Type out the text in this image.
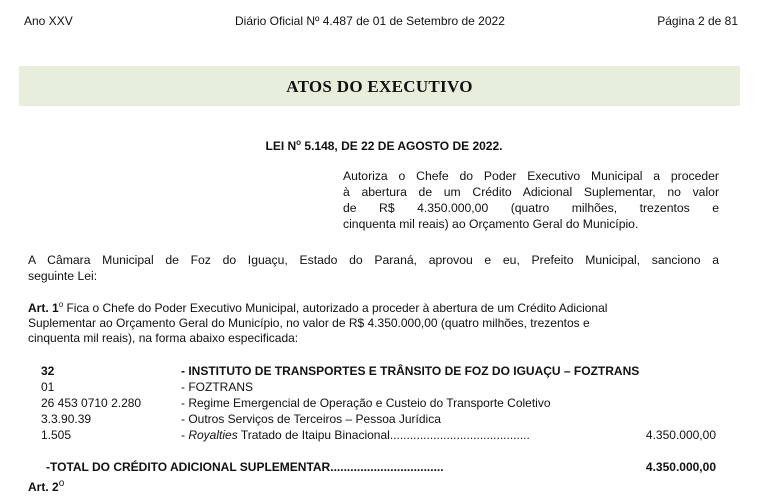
Ano XXV	Diário Oficial Nº 4.487 de 01 de Setembro de 2022	Página 2 de 81
ATOS DO EXECUTIVO
LEI $N^o$ 5.148, DE 22 DE AGOSTO DE 2022.
Autoriza o Chefe do Poder Executivo Municipal a proceder
à abertura de um Crédito Adicional Suplementar, no valor
de R$ 4.350.000,00 (quatro milhões, trezentos e
cinquenta mil reais) ao Orçamento Geral do Município.
A Câmara Municipal de Foz do Iguaçu, Estado do Paraná, aprovou e eu, Prefeito Municipal, sanciono a
seguinte Lei:
Art. 1$^o$ Fica o Chefe do Poder Executivo Municipal, autorizado a proceder à abertura de um Crédito Adicional
Suplementar ao Orçamento Geral do Município, no valor de R$ 4.350.000,00 (quatro milhões, trezentos e
cinquenta mil reais), na forma abaixo especificada:
32	- INSTITUTO DE TRANSPORTES E TRÂNSITO DE FOZ DO IGUAÇU – FOZTRANS
01	- FOZTRANS
26 453 0710 2.280	- Regime Emergencial de Operação e Custeio do Transporte Coletivo
3.3.90.39	- Outros Serviços de Terceiros – Pessoa Jurídica
1.505	- Royalties Tratado de Itaipu Binacional..........................................	4.350.000,00
-TOTAL DO CRÉDITO ADICIONAL SUPLEMENTAR..................................	4.350.000,00
Art. 2$^o$
